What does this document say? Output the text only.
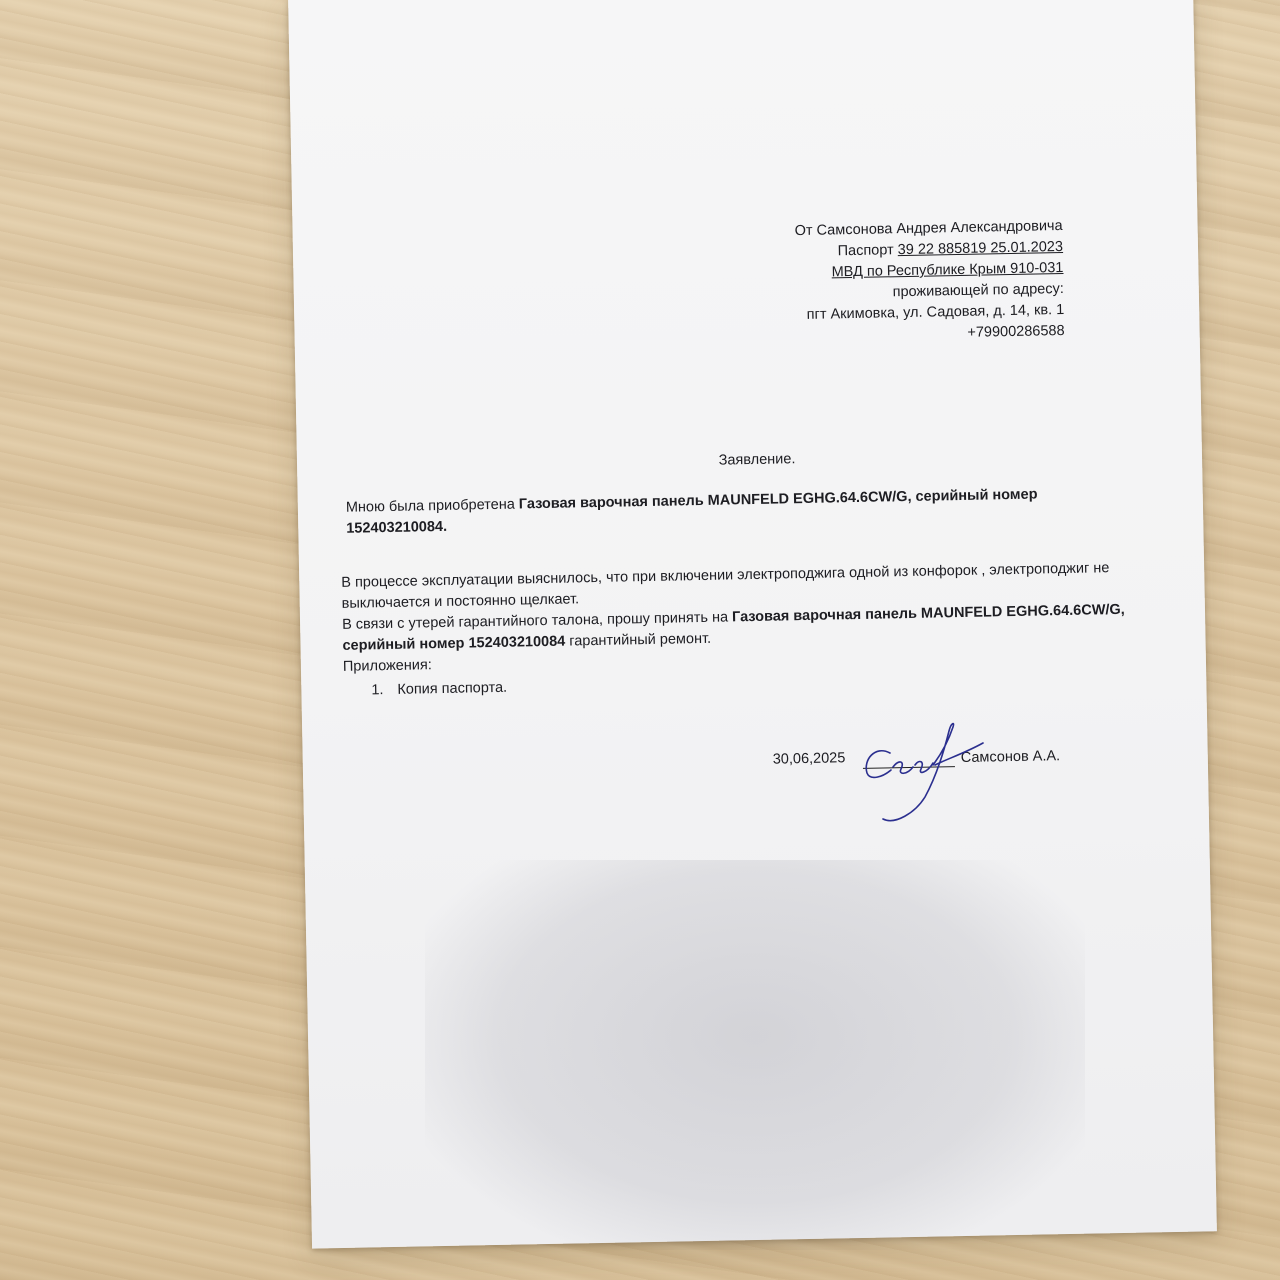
От Самсонова Андрея Александровича
Паспорт 39 22 885819 25.01.2023
МВД по Республике Крым 910-031
проживающей по адресу:
пгт Акимовка, ул. Садовая, д. 14, кв. 1
+79900286588
Заявление.
Мною была приобретена Газовая варочная панель MAUNFELD EGHG.64.6CW/G, серийный номер 152403210084.
В процессе эксплуатации выяснилось, что при включении электроподжига одной из конфорок , электроподжиг не выключается и постоянно щелкает.
В связи с утерей гарантийного талона, прошу принять на Газовая варочная панель MAUNFELD EGHG.64.6CW/G, серийный номер 152403210084 гарантийный ремонт.
Приложения:
1. Копия паспорта.
30,06,2025	Самсонов А.А.
